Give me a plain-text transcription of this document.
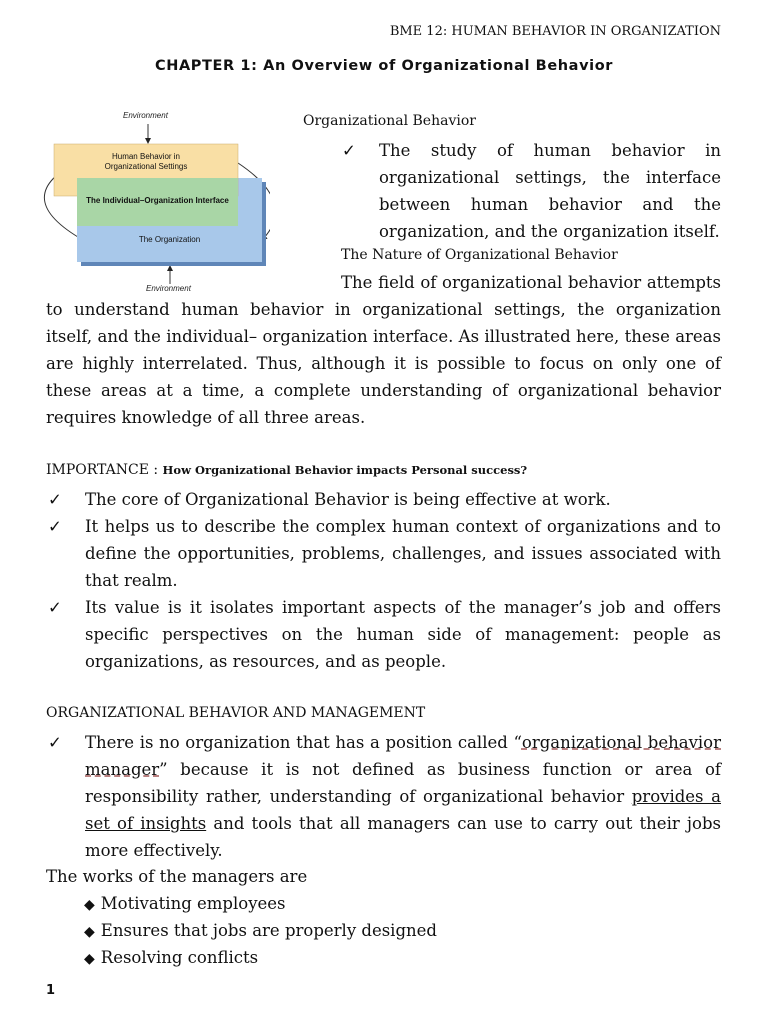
BME 12: HUMAN BEHAVIOR IN ORGANIZATION
CHAPTER 1: An Overview of Organizational Behavior
Environment
Environment
Human Behavior in
Organizational Settings
The Individual–Organization Interface
The Organization
Organizational Behavior
✓ The study of human behavior in organizational settings, the interface between human behavior and the
organization, and the organization itself.
The Nature of Organizational Behavior
The field of organizational behavior attempts to understand human behavior in organizational settings, the organization itself, and the individual– organization interface. As illustrated here, these areas are highly interrelated. Thus, although it is possible to focus on only one of these areas at a time, a complete understanding of organizational behavior requires knowledge of all three areas.
IMPORTANCE : How Organizational Behavior impacts Personal success?
✓ The core of Organizational Behavior is being effective at work.
✓ It helps us to describe the complex human context of organizations and to define the opportunities, problems, challenges, and issues associated with that realm.
✓ Its value is it isolates important aspects of the manager’s job and offers specific perspectives on the human side of management: people as organizations, as resources, and as people.
ORGANIZATIONAL BEHAVIOR AND MANAGEMENT
✓ There is no organization that has a position called “organizational behavior manager” because it is not defined as business function or area of responsibility rather, understanding of organizational behavior provides a set of insights and tools that all managers can use to carry out their jobs more effectively.
The works of the managers are
◆ Motivating employees
◆ Ensures that jobs are properly designed
◆ Resolving conflicts
1
